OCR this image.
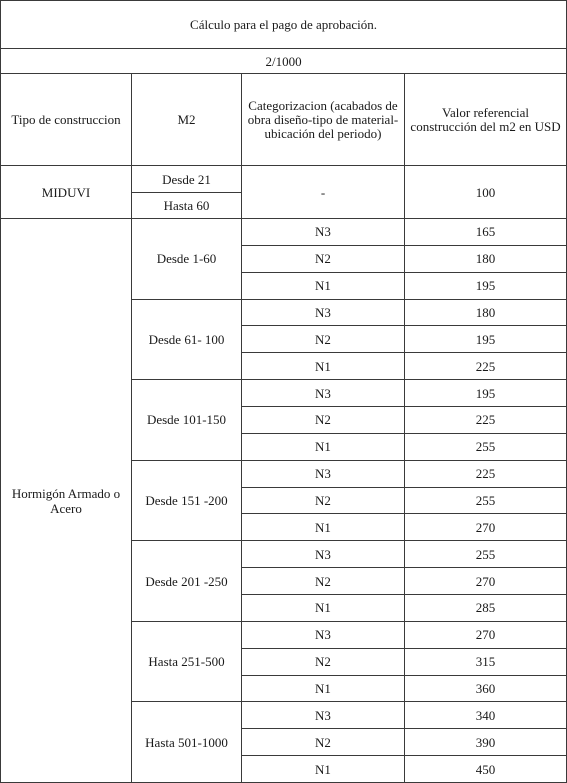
Cálculo para el pago de aprobación.			
2/1000			
Tipo de construccion	M2	Categorizacion (acabados de obra diseño-tipo de material-ubicación del periodo)	Valor referencial construcción del m2 en USD
MIDUVI	Desde 21	-	100
	Hasta 60		
Hormigón Armado o Acero	Desde 1-60	N3	165
		N2	180
		N1	195
	Desde 61- 100	N3	180
		N2	195
		N1	225
	Desde 101-150	N3	195
		N2	225
		N1	255
	Desde 151 -200	N3	225
		N2	255
		N1	270
	Desde 201 -250	N3	255
		N2	270
		N1	285
	Hasta 251-500	N3	270
		N2	315
		N1	360
	Hasta 501-1000	N3	340
		N2	390
		N1	450
